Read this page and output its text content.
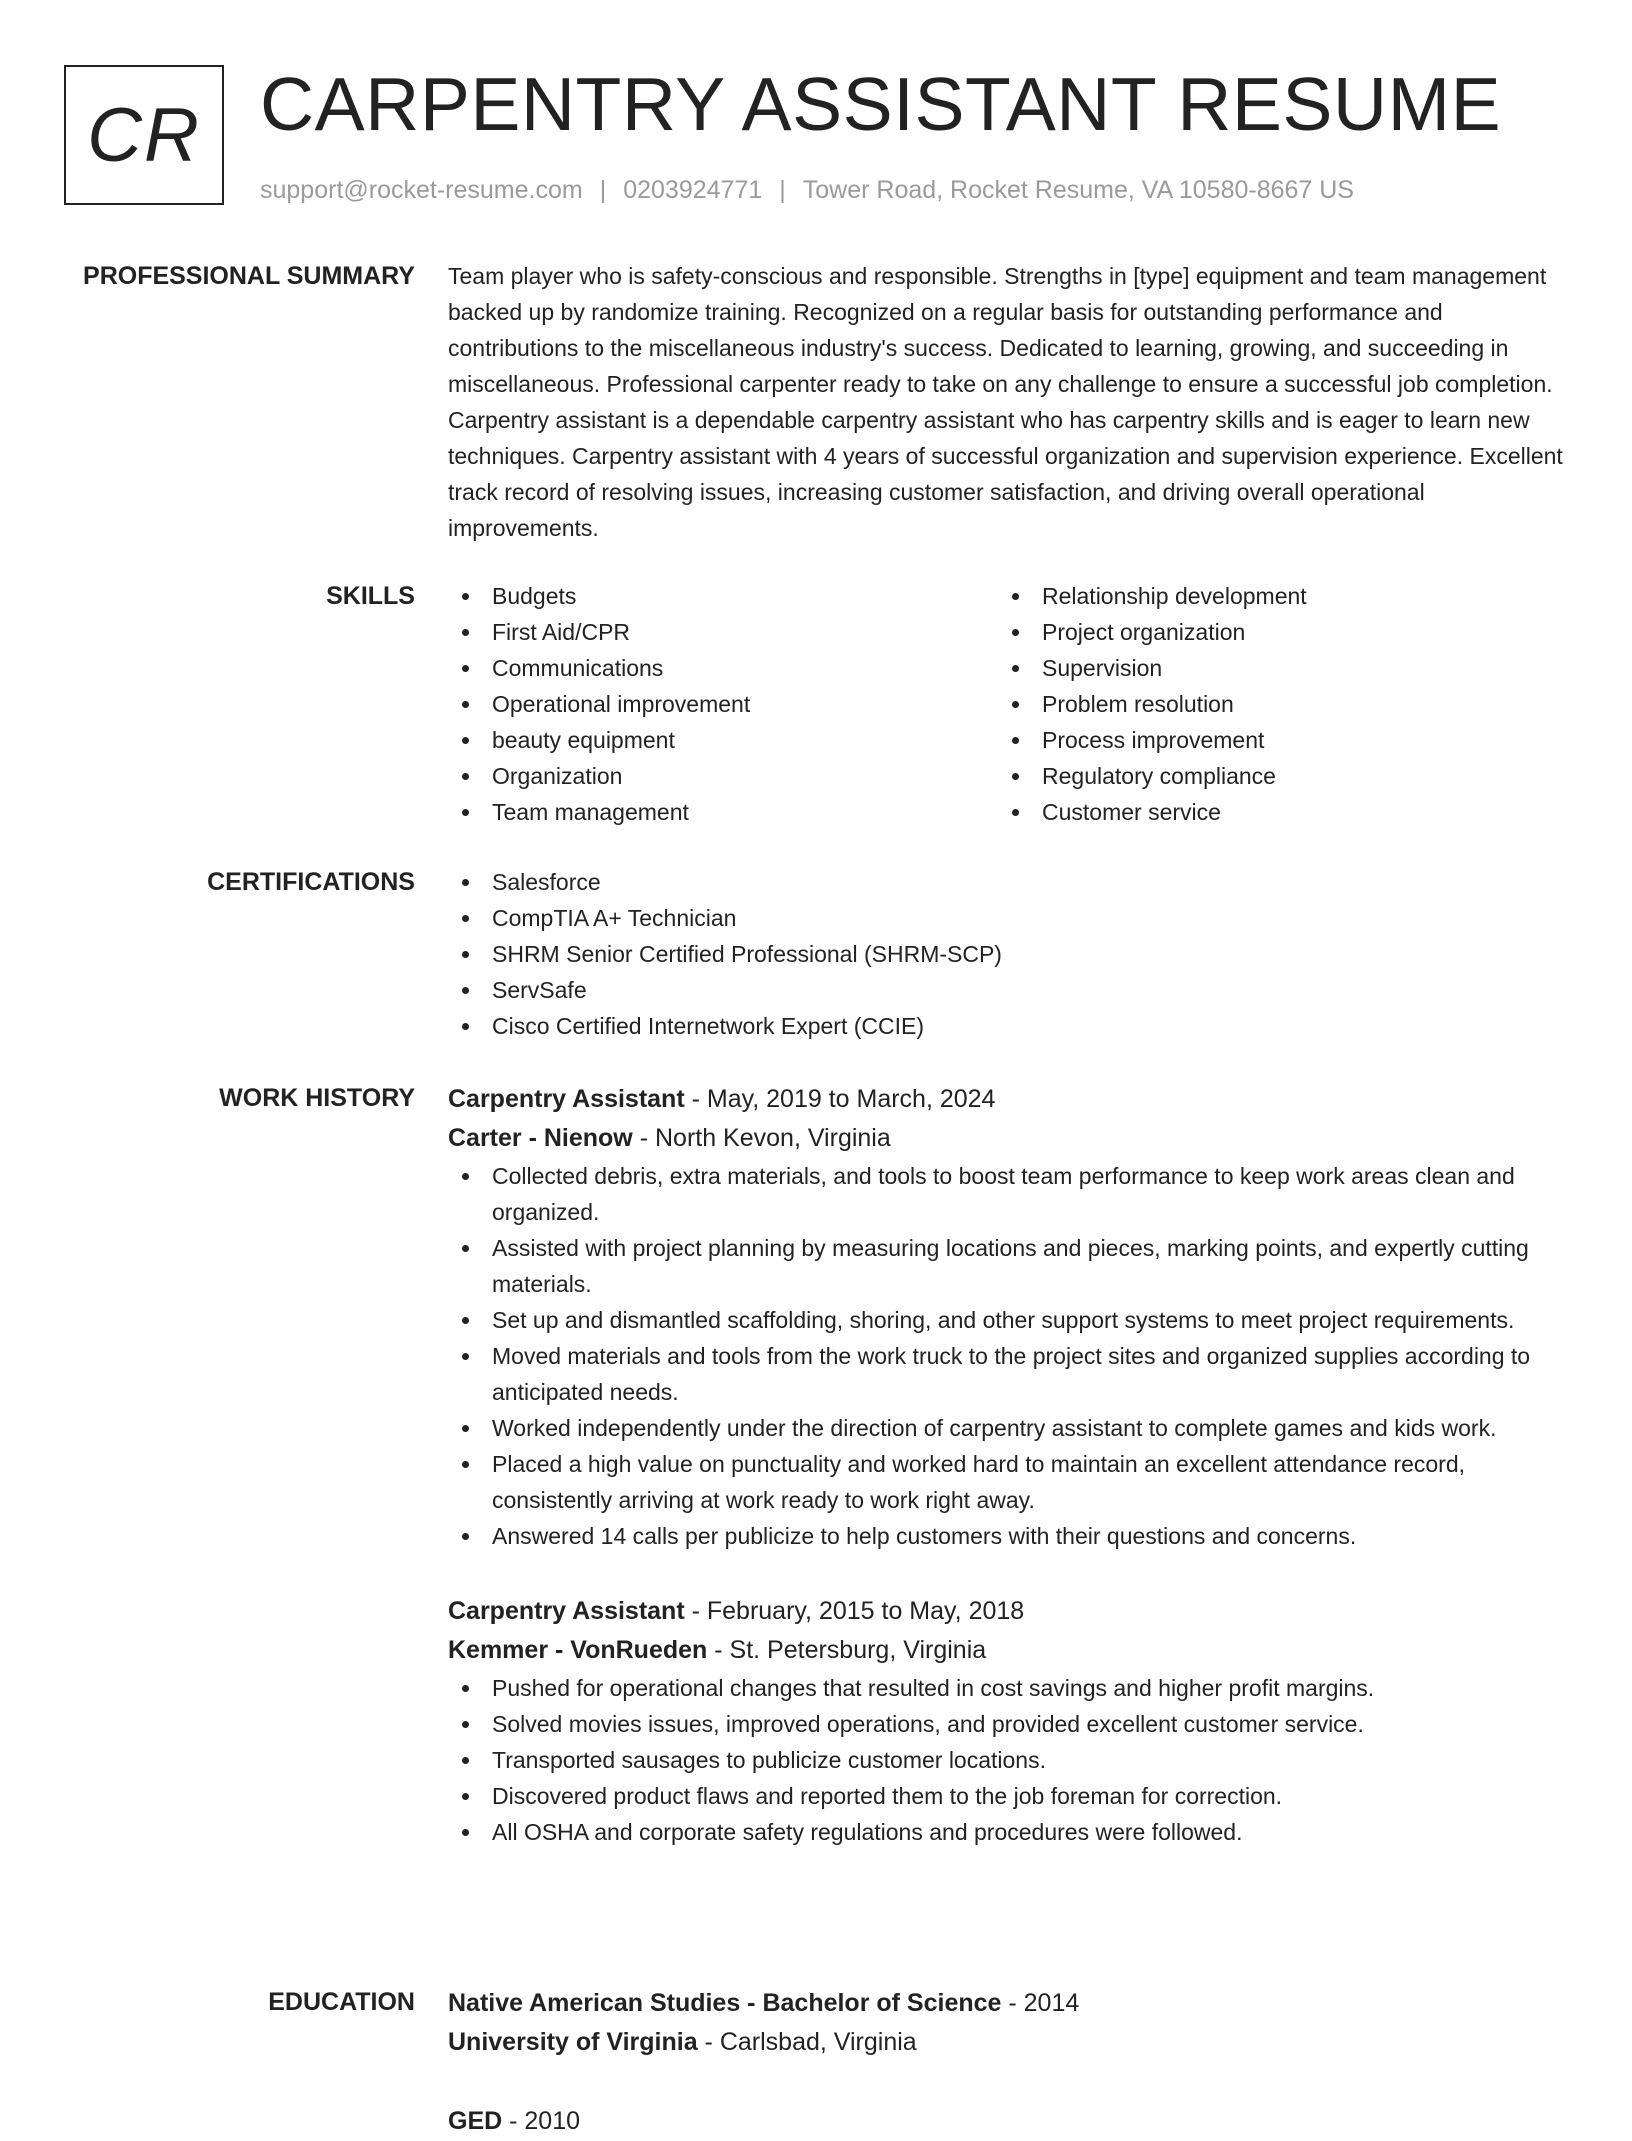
CR CARPENTRY ASSISTANT RESUME
support@rocket-resume.com | 0203924771 | Tower Road, Rocket Resume, VA 10580-8667 US
PROFESSIONAL SUMMARY Team player who is safety-conscious and responsible. Strengths in [type] equipment and team management backed up by randomize training. Recognized on a regular basis for outstanding performance and contributions to the miscellaneous industry's success. Dedicated to learning, growing, and succeeding in miscellaneous. Professional carpenter ready to take on any challenge to ensure a successful job completion. Carpentry assistant is a dependable carpentry assistant who has carpentry skills and is eager to learn new techniques. Carpentry assistant with 4 years of successful organization and supervision experience. Excellent track record of resolving issues, increasing customer satisfaction, and driving overall operational improvements.

SKILLS	Budgets
First Aid/CPR
Communications
Operational improvement
beauty equipment
Organization
Team management
Relationship development
Project organization
Supervision
Problem resolution
Process improvement
Regulatory compliance
Customer service
CERTIFICATIONS	Salesforce
CompTIA A+ Technician
SHRM Senior Certified Professional (SHRM-SCP)
ServSafe
Cisco Certified Internetwork Expert (CCIE)
WORK HISTORY Carpentry Assistant - May, 2019 to March, 2024
Carter - Nienow - North Kevon, Virginia
Collected debris, extra materials, and tools to boost team performance to keep work areas clean and organized.
Assisted with project planning by measuring locations and pieces, marking points, and expertly cutting materials.
Set up and dismantled scaffolding, shoring, and other support systems to meet project requirements.
Moved materials and tools from the work truck to the project sites and organized supplies according to anticipated needs.
Worked independently under the direction of carpentry assistant to complete games and kids work.
Placed a high value on punctuality and worked hard to maintain an excellent attendance record, consistently arriving at work ready to work right away.
Answered 14 calls per publicize to help customers with their questions and concerns.
Carpentry Assistant - February, 2015 to May, 2018
Kemmer - VonRueden - St. Petersburg, Virginia
Pushed for operational changes that resulted in cost savings and higher profit margins.
Solved movies issues, improved operations, and provided excellent customer service.
Transported sausages to publicize customer locations.
Discovered product flaws and reported them to the job foreman for correction.
All OSHA and corporate safety regulations and procedures were followed.
EDUCATION Native American Studies - Bachelor of Science - 2014
University of Virginia - Carlsbad, Virginia
GED - 2010
